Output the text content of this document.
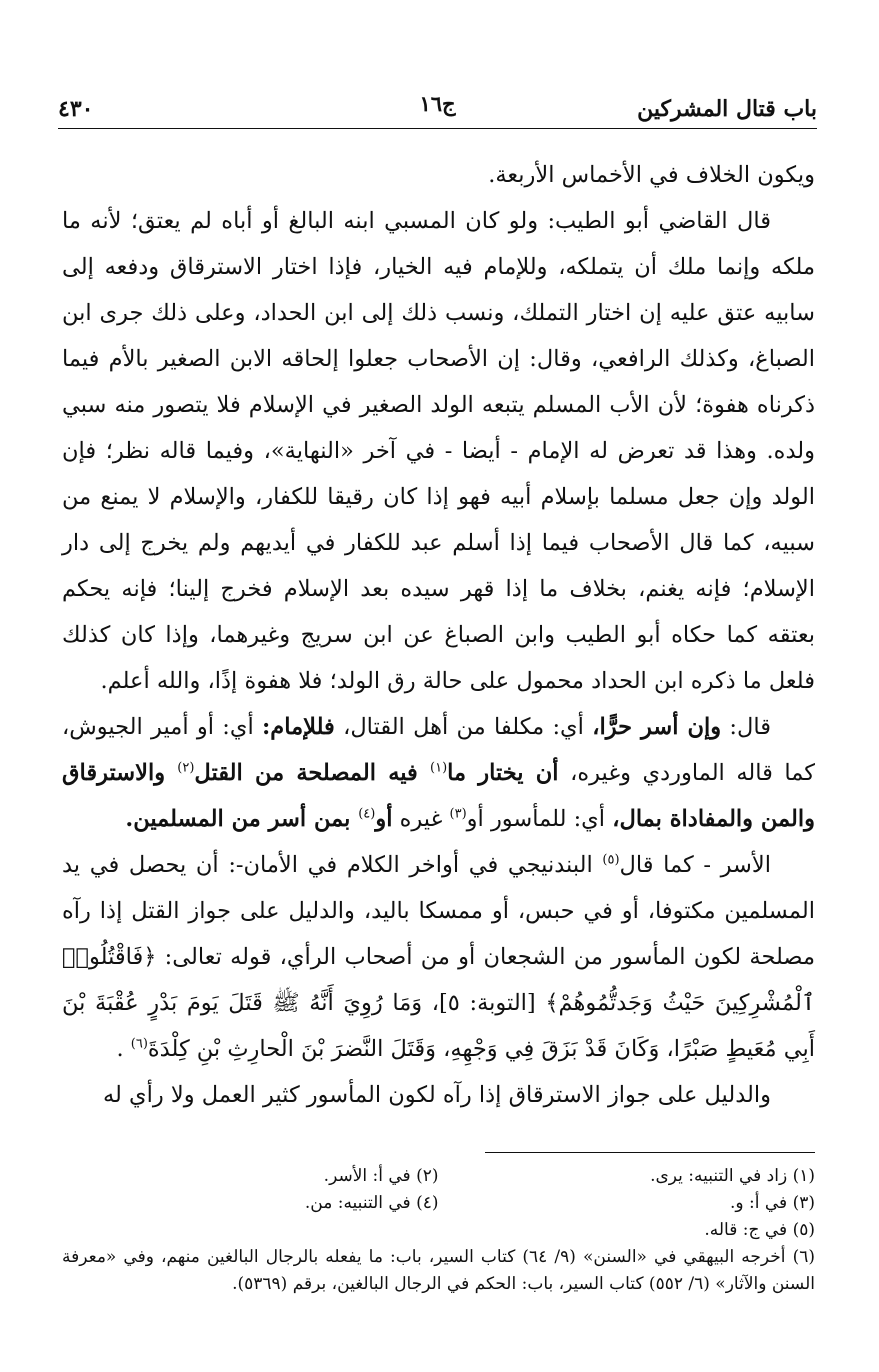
باب قتال المشركين
ج١٦
٤٣٠

ويكون الخلاف في الأخماس الأربعة.

قال القاضي أبو الطيب: ولو كان المسبي ابنه البالغ أو أباه لم يعتق؛ لأنه ما ملكه وإنما ملك أن يتملكه، وللإمام فيه الخيار، فإذا اختار الاسترقاق ودفعه إلى سابيه عتق عليه إن اختار التملك، ونسب ذلك إلى ابن الحداد، وعلى ذلك جرى ابن الصباغ، وكذلك الرافعي، وقال: إن الأصحاب جعلوا إلحاقه الابن الصغير بالأم فيما ذكرناه هفوة؛ لأن الأب المسلم يتبعه الولد الصغير في الإسلام فلا يتصور منه سبي ولده. وهذا قد تعرض له الإمام - أيضا - في آخر «النهاية»، وفيما قاله نظر؛ فإن الولد وإن جعل مسلما بإسلام أبيه فهو إذا كان رقيقا للكفار، والإسلام لا يمنع من سبيه، كما قال الأصحاب فيما إذا أسلم عبد للكفار في أيديهم ولم يخرج إلى دار الإسلام؛ فإنه يغنم، بخلاف ما إذا قهر سيده بعد الإسلام فخرج إلينا؛ فإنه يحكم بعتقه كما حكاه أبو الطيب وابن الصباغ عن ابن سريج وغيرهما، وإذا كان كذلك فلعل ما ذكره ابن الحداد محمول على حالة رق الولد؛ فلا هفوة إذًا، والله أعلم.

قال: وإن أسر حرًّا، أي: مكلفا من أهل القتال، فللإمام: أي: أو أمير الجيوش، كما قاله الماوردي وغيره، أن يختار ما$^{(١)}$ فيه المصلحة من القتل$^{(٢)}$ والاسترقاق والمن والمفاداة بمال، أي: للمأسور أو$^{(٣)}$ غيره أو$^{(٤)}$ بمن أسر من المسلمين.

الأسر - كما قال$^{(٥)}$ البندنيجي في أواخر الكلام في الأمان-: أن يحصل في يد المسلمين مكتوفا، أو في حبس، أو ممسكا باليد، والدليل على جواز القتل إذا رآه مصلحة لكون المأسور من الشجعان أو من أصحاب الرأي، قوله تعالى: ﴿فَاقْتُلُوا۟ ٱلْمُشْرِكِينَ حَيْثُ وَجَدتُّمُوهُمْ﴾ [التوبة: ٥]، وَمَا رُوِيَ أَنَّهُ ﷺ قَتَلَ يَومَ بَدْرٍ عُقْبَةَ بْنَ أَبِي مُعَيطٍ صَبْرًا، وَكَانَ قَدْ بَزَقَ فِي وَجْهِهِ، وَقَتَلَ النَّضرَ بْنَ الْحارِثِ بْنِ كِلْدَةَ$^{(٦)}$ .

والدليل على جواز الاسترقاق إذا رآه لكون المأسور كثير العمل ولا رأي له

(١) زاد في التنبيه: يرى.
(٢) في أ: الأسر.
(٣) في أ: و.
(٤) في التنبيه: من.
(٥) في ج: قاله.
(٦) أخرجه البيهقي في «السنن» (٩/ ٦٤) كتاب السير، باب: ما يفعله بالرجال البالغين منهم، وفي «معرفة السنن والآثار» (٦/ ٥٥٢) كتاب السير، باب: الحكم في الرجال البالغين، برقم (٥٣٦٩).
